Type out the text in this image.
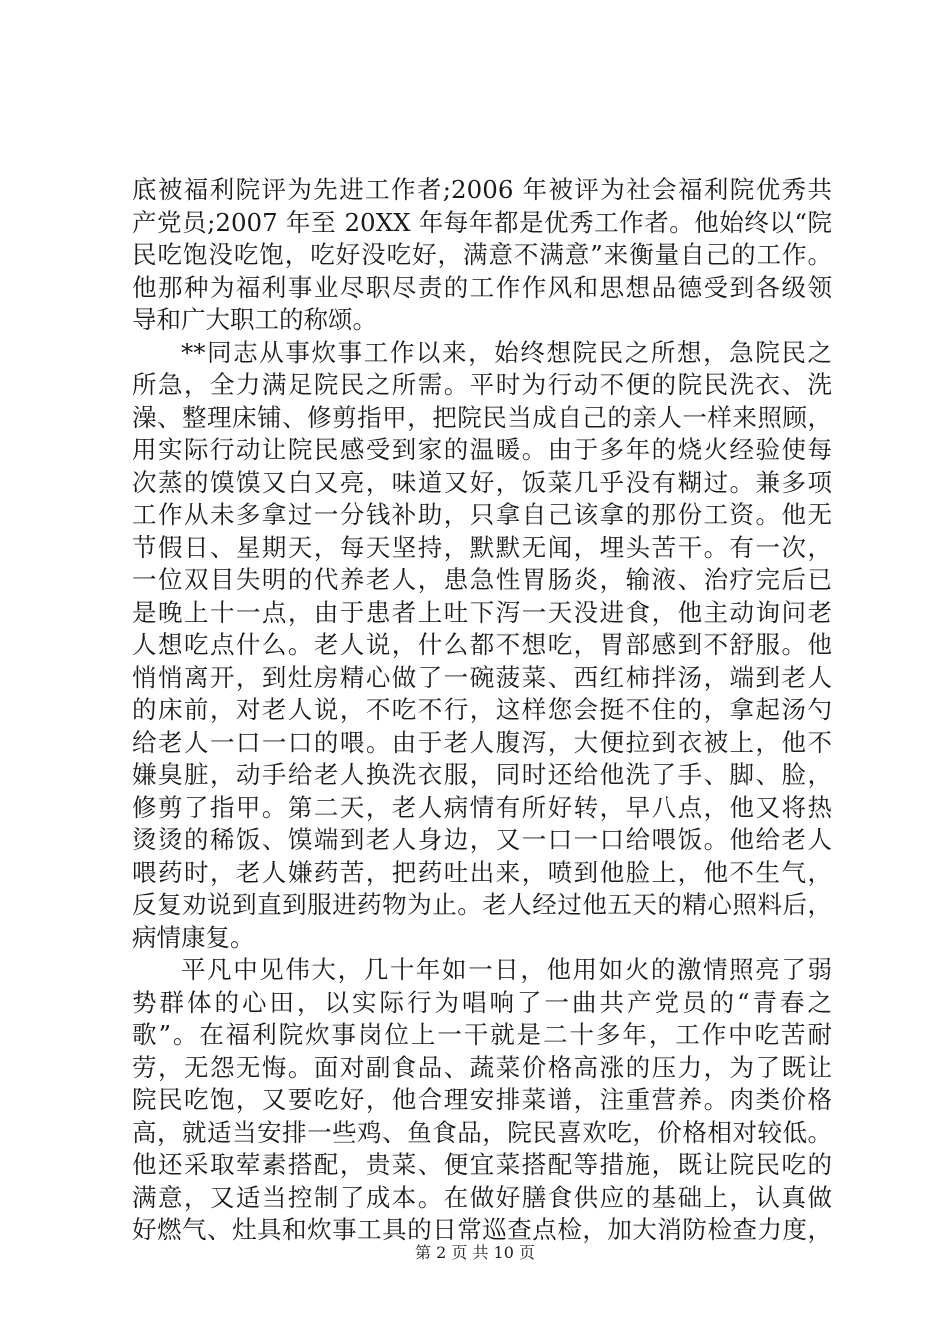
底被福利院评为先进工作者;2006 年被评为社会福利院优秀共
产党员;2007 年至 20XX 年每年都是优秀工作者。他始终以“院
民吃饱没吃饱，吃好没吃好，满意不满意”来衡量自己的工作。
他那种为福利事业尽职尽责的工作作风和思想品德受到各级领
导和广大职工的称颂。
**同志从事炊事工作以来，始终想院民之所想，急院民之
所急，全力满足院民之所需。平时为行动不便的院民洗衣、洗
澡、整理床铺、修剪指甲，把院民当成自己的亲人一样来照顾，
用实际行动让院民感受到家的温暖。由于多年的烧火经验使每
次蒸的馍馍又白又亮，味道又好，饭菜几乎没有糊过。兼多项
工作从未多拿过一分钱补助，只拿自己该拿的那份工资。他无
节假日、星期天，每天坚持，默默无闻，埋头苦干。有一次，
一位双目失明的代养老人，患急性胃肠炎，输液、治疗完后已
是晚上十一点，由于患者上吐下泻一天没进食，他主动询问老
人想吃点什么。老人说，什么都不想吃，胃部感到不舒服。他
悄悄离开，到灶房精心做了一碗菠菜、西红柿拌汤，端到老人
的床前，对老人说，不吃不行，这样您会挺不住的，拿起汤勺
给老人一口一口的喂。由于老人腹泻，大便拉到衣被上，他不
嫌臭脏，动手给老人换洗衣服，同时还给他洗了手、脚、脸，
修剪了指甲。第二天，老人病情有所好转，早八点，他又将热
烫烫的稀饭、馍端到老人身边，又一口一口给喂饭。他给老人
喂药时，老人嫌药苦，把药吐出来，喷到他脸上，他不生气，
反复劝说到直到服进药物为止。老人经过他五天的精心照料后，
病情康复。
平凡中见伟大，几十年如一日，他用如火的激情照亮了弱
势群体的心田，以实际行为唱响了一曲共产党员的“青春之
歌”。在福利院炊事岗位上一干就是二十多年，工作中吃苦耐
劳，无怨无悔。面对副食品、蔬菜价格高涨的压力，为了既让
院民吃饱，又要吃好，他合理安排菜谱，注重营养。肉类价格
高，就适当安排一些鸡、鱼食品，院民喜欢吃，价格相对较低。
他还采取荤素搭配，贵菜、便宜菜搭配等措施，既让院民吃的
满意，又适当控制了成本。在做好膳食供应的基础上，认真做
好燃气、灶具和炊事工具的日常巡查点检，加大消防检查力度，
第 2 页 共 10 页
